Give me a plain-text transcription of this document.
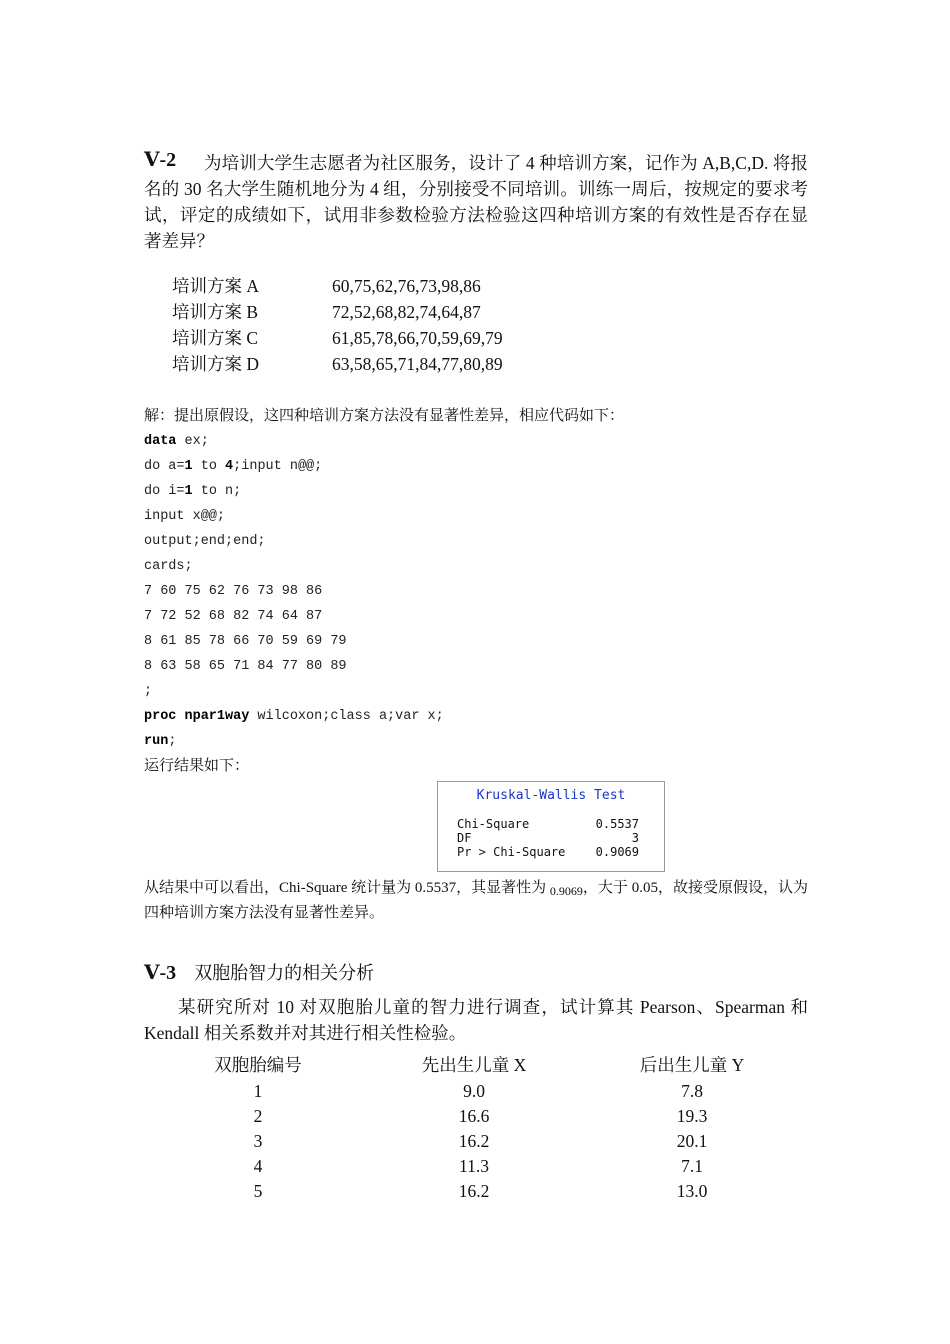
Ⅴ-2	为培训大学生志愿者为社区服务，设计了 4 种培训方案，记作为 A,B,C,D. 将报名的 30 名大学生随机地分为 4 组，分别接受不同培训。训练一周后，按规定的要求考试，评定的成绩如下，试用非参数检验方法检验这四种培训方案的有效性是否存在显著差异？
培训方案 A	60,75,62,76,73,98,86
培训方案 B	72,52,68,82,74,64,87
培训方案 C	61,85,78,66,70,59,69,79
培训方案 D	63,58,65,71,84,77,80,89
解：提出原假设，这四种培训方案方法没有显著性差异，相应代码如下：
data ex;
do a=1 to 4;input n@@;
do i=1 to n;
input x@@;
output;end;end;
cards;
7 60 75 62 76 73 98 86
7 72 52 68 82 74 64 87
8 61 85 78 66 70 59 69 79
8 63 58 65 71 84 77 80 89
;
proc npar1way wilcoxon;class a;var x;
run;
运行结果如下：
Kruskal-Wallis Test
Chi-Square	0.5537
DF	3
Pr > Chi-Square	0.9069
从结果中可以看出，Chi-Square 统计量为 0.5537，其显著性为 $_{0.9069}$，大于 0.05，故接受原假设，认为四种培训方案方法没有显著性差异。
Ⅴ-3 双胞胎智力的相关分析
某研究所对 10 对双胞胎儿童的智力进行调查，试计算其 Pearson、Spearman 和 Kendall 相关系数并对其进行相关性检验。
双胞胎编号	先出生儿童 X	后出生儿童 Y
1	9.0	7.8
2	16.6	19.3
3	16.2	20.1
4	11.3	7.1
5	16.2	13.0
